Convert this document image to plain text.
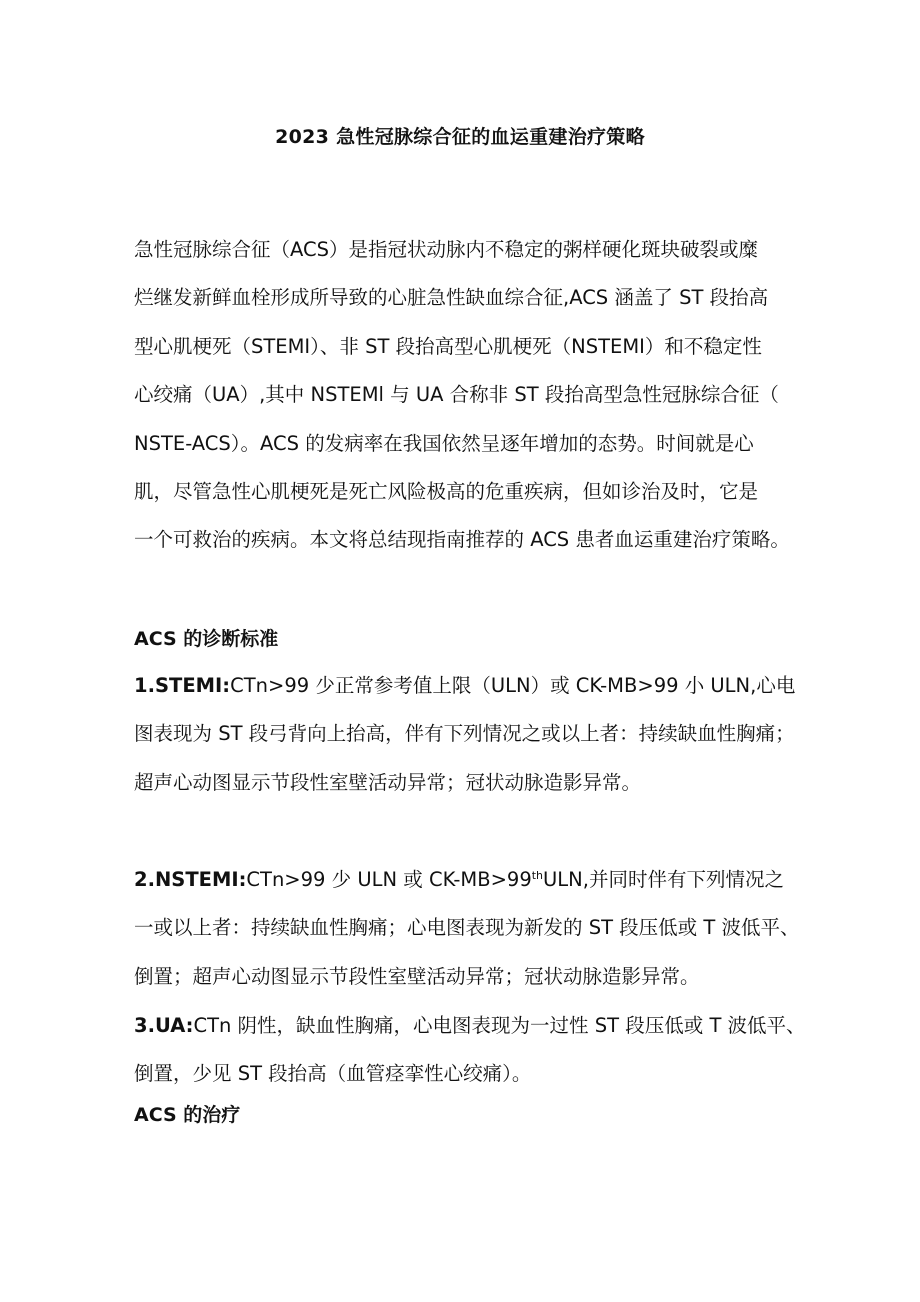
2023 急性冠脉综合征的血运重建治疗策略

急性冠脉综合征（ACS）是指冠状动脉内不稳定的粥样硬化斑块破裂或糜
烂继发新鲜血栓形成所导致的心脏急性缺血综合征,ACS 涵盖了 ST 段抬高
型心肌梗死（STEMI）、非 ST 段抬高型心肌梗死（NSTEMI）和不稳定性
心绞痛（UA）,其中 NSTEMl 与 UA 合称非 ST 段抬高型急性冠脉综合征（
NSTE-ACS）。ACS 的发病率在我国依然呈逐年增加的态势。时间就是心
肌，尽管急性心肌梗死是死亡风险极高的危重疾病，但如诊治及时，它是
一个可救治的疾病。本文将总结现指南推荐的 ACS 患者血运重建治疗策略。

ACS 的诊断标准

1.STEMI:CTn>99 少正常参考值上限（ULN）或 CK-MB>99 小 ULN,心电
图表现为 ST 段弓背向上抬高，伴有下列情况之或以上者：持续缺血性胸痛；
超声心动图显示节段性室壁活动异常；冠状动脉造影异常。

2.NSTEMI:CTn>99 少 ULN 或 CK-MB>99thULN,并同时伴有下列情况之
一或以上者：持续缺血性胸痛；心电图表现为新发的 ST 段压低或 T 波低平、
倒置；超声心动图显示节段性室壁活动异常；冠状动脉造影异常。

3.UA:CTn 阴性，缺血性胸痛，心电图表现为一过性 ST 段压低或 T 波低平、
倒置，少见 ST 段抬高（血管痉挛性心绞痛）。

ACS 的治疗
